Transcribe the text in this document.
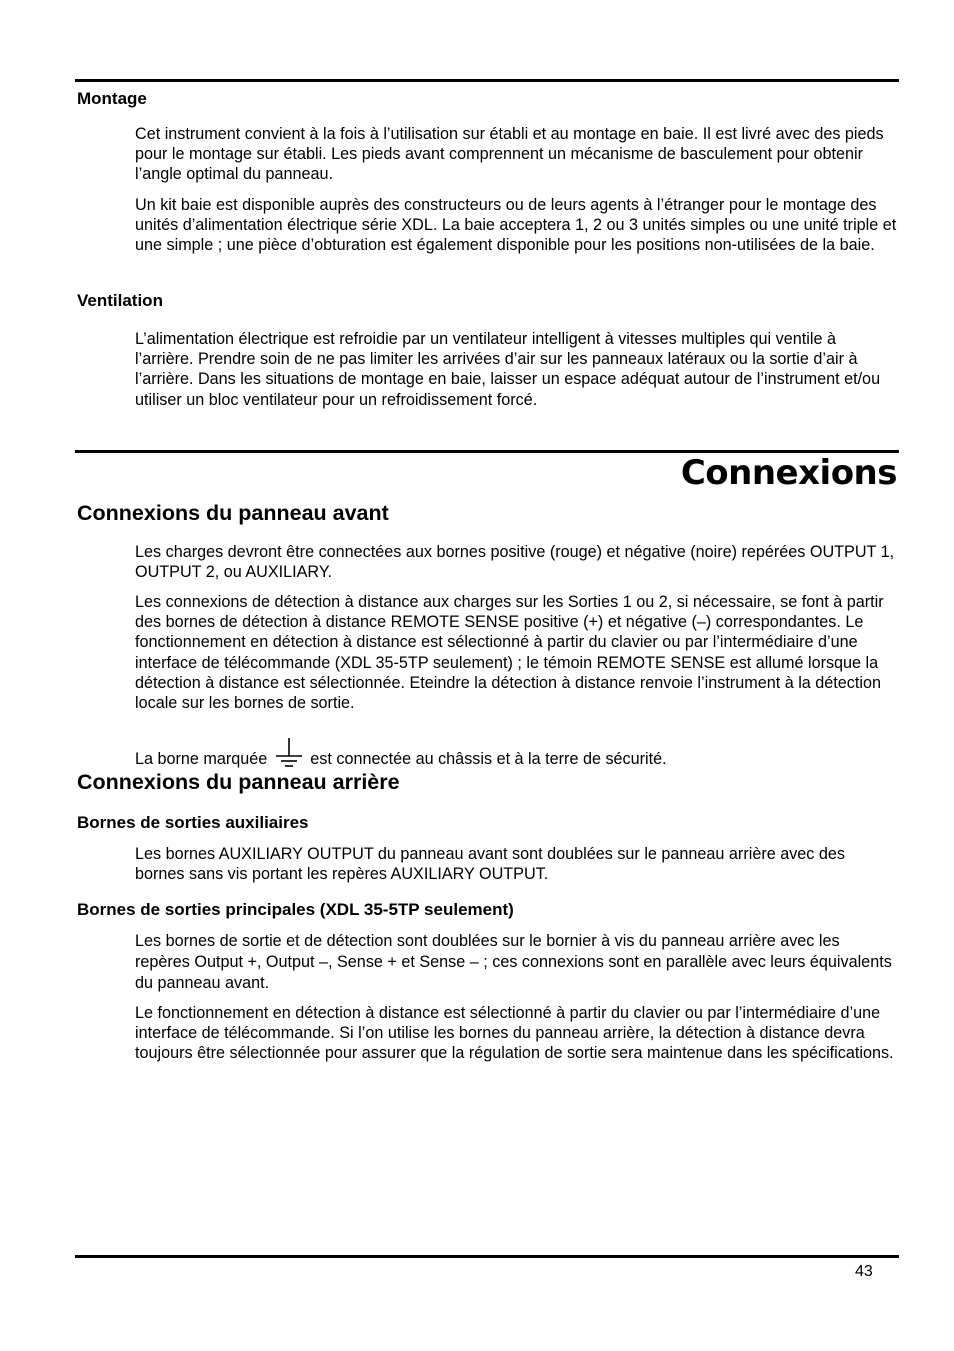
Montage

Cet instrument convient à la fois à l’utilisation sur établi et au montage en baie. Il est livré avec des pieds pour le montage sur établi. Les pieds avant comprennent un mécanisme de basculement pour obtenir l’angle optimal du panneau.

Un kit baie est disponible auprès des constructeurs ou de leurs agents à l’étranger pour le montage des unités d’alimentation électrique série XDL. La baie acceptera 1, 2 ou 3 unités simples ou une unité triple et une simple ; une pièce d’obturation est également disponible pour les positions non-utilisées de la baie.

Ventilation

L’alimentation électrique est refroidie par un ventilateur intelligent à vitesses multiples qui ventile à l’arrière. Prendre soin de ne pas limiter les arrivées d’air sur les panneaux latéraux ou la sortie d’air à l’arrière. Dans les situations de montage en baie, laisser un espace adéquat autour de l’instrument et/ou utiliser un bloc ventilateur pour un refroidissement forcé.

Connexions
Connexions du panneau avant

Les charges devront être connectées aux bornes positive (rouge) et négative (noire) repérées OUTPUT 1, OUTPUT 2, ou AUXILIARY.

Les connexions de détection à distance aux charges sur les Sorties 1 ou 2, si nécessaire, se font à partir des bornes de détection à distance REMOTE SENSE positive (+) et négative (–) correspondantes. Le fonctionnement en détection à distance est sélectionné à partir du clavier ou par l’intermédiaire d’une interface de télécommande (XDL 35-5TP seulement) ; le témoin REMOTE SENSE est allumé lorsque la détection à distance est sélectionnée. Eteindre la détection à distance renvoie l’instrument à la détection locale sur les bornes de sortie.

La borne marquée	est connectée au châssis et à la terre de sécurité.

Connexions du panneau arrière
Bornes de sorties auxiliaires

Les bornes AUXILIARY OUTPUT du panneau avant sont doublées sur le panneau arrière avec des bornes sans vis portant les repères AUXILIARY OUTPUT.

Bornes de sorties principales (XDL 35-5TP seulement)

Les bornes de sortie et de détection sont doublées sur le bornier à vis du panneau arrière avec les repères Output +, Output –, Sense + et Sense – ; ces connexions sont en parallèle avec leurs équivalents du panneau avant.

Le fonctionnement en détection à distance est sélectionné à partir du clavier ou par l’intermédiaire d’une interface de télécommande. Si l’on utilise les bornes du panneau arrière, la détection à distance devra toujours être sélectionnée pour assurer que la régulation de sortie sera maintenue dans les spécifications.

43
